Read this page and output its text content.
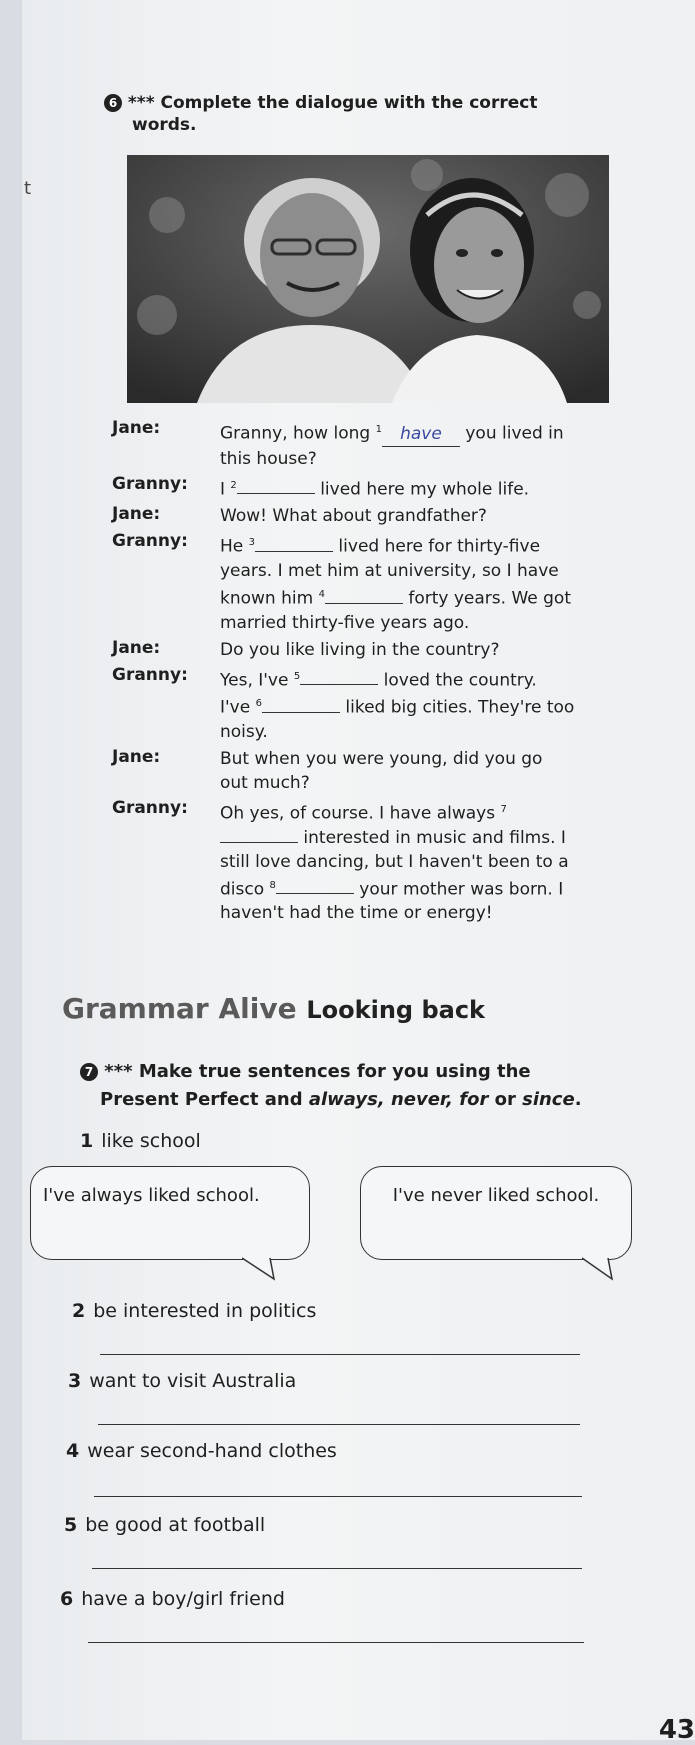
t
6 *** Complete the dialogue with the correct
words.
Jane:	Granny, how long $^1$ have you lived in
this house?
Granny:	I $^2$	lived here my whole life.
Jane:	Wow! What about grandfather?
Granny:	He $^3$	lived here for thirty-five
years. I met him at university, so I have
known him $^4$	forty years. We got
married thirty-five years ago.
Jane:	Do you like living in the country?
Granny:	Yes, I've $^5$	loved the country.
I've $^6$	liked big cities. They're too
noisy.
Jane:	But when you were young, did you go
out much?
Granny:	Oh yes, of course. I have always $^7$
interested in music and films. I
still love dancing, but I haven't been to a
disco $^8$	your mother was born. I
haven't had the time or energy!
Grammar Alive Looking back
7 *** Make true sentences for you using the
Present Perfect and always, never, for or since.
1 like school
I've always liked school.	I've never liked school.
2 be interested in politics
3 want to visit Australia
4 wear second-hand clothes
5 be good at football
6 have a boy/girl friend
43
